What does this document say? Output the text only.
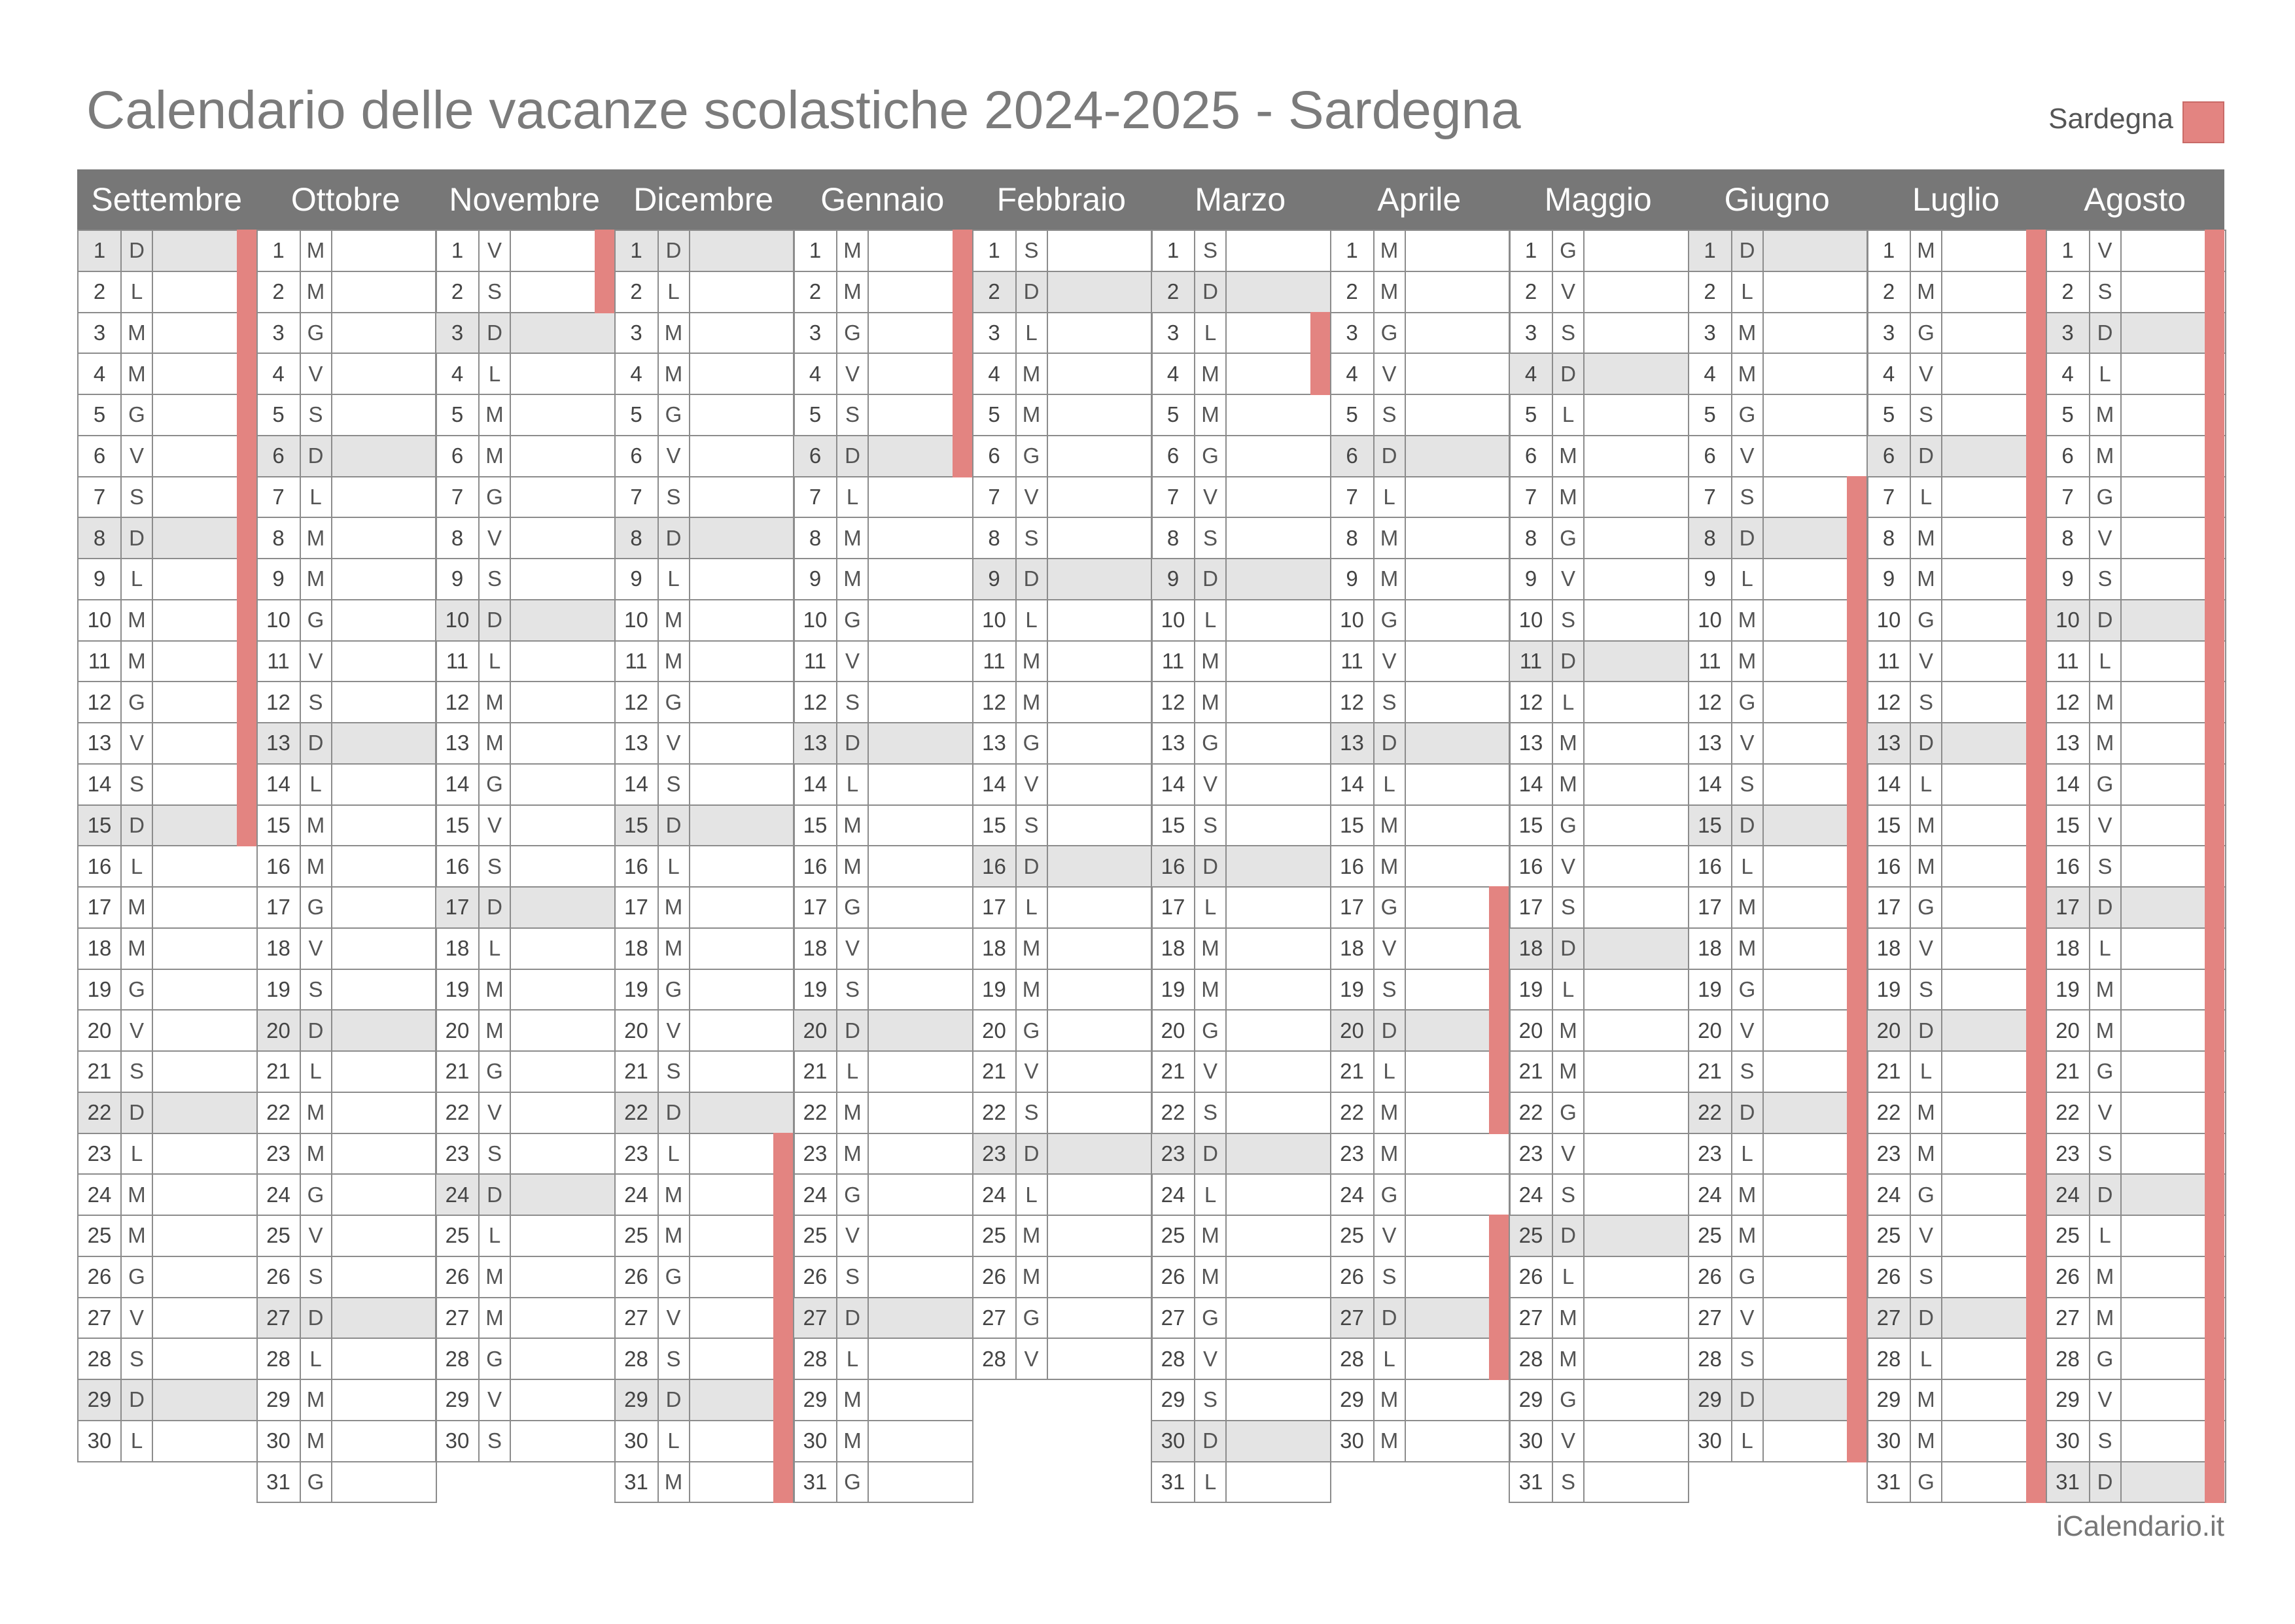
Calendario delle vacanze scolastiche 2024-2025 - Sardegna	Sardegna
Settembre
1	D
2	L
3	M
4	M
5	G
6	V
7	S
8	D
9	L
10 M
11 M
12 G
13 V
14 S
15 D
16 L
17 M
18 M
19 G
20 V
21 S
22 D
23 L
24 M
25 M
26 G
27 V
28 S
29 D
30 L
Ottobre
1	M
2	M
3	G
4	V
5	S
6	D
7	L
8	M
9	M
10 G
11 V
12 S
13 D
14 L
15 M
16 M
17 G
18 V
19 S
20 D
21 L
22 M
23 M
24 G
25 V
26 S
27 D
28 L
29 M
30 M
31 G
Novembre
1	V
2	S
3	D
4	L
5	M
6	M
7	G
8	V
9	S
10 D
11 L
12 M
13 M
14 G
15 V
16 S
17 D
18 L
19 M
20 M
21 G
22 V
23 S
24 D
25 L
26 M
27 M
28 G
29 V
30 S
Dicembre
1	D
2	L
3	M
4	M
5	G
6	V
7	S
8	D
9	L
10 M
11 M
12 G
13 V
14 S
15 D
16 L
17 M
18 M
19 G
20 V
21 S
22 D
23 L
24 M
25 M
26 G
27 V
28 S
29 D
30 L
31 M
Gennaio
1	M
2	M
3	G
4	V
5	S
6	D
7	L
8	M
9	M
10 G
11 V
12 S
13 D
14 L
15 M
16 M
17 G
18 V
19 S
20 D
21 L
22 M
23 M
24 G
25 V
26 S
27 D
28 L
29 M
30 M
31 G
Febbraio
1	S
2	D
3	L
4	M
5	M
6	G
7	V
8	S
9	D
10 L
11 M
12 M
13 G
14 V
15 S
16 D
17 L
18 M
19 M
20 G
21 V
22 S
23 D
24 L
25 M
26 M
27 G
28 V
Marzo
1	S
2	D
3	L
4	M
5	M
6	G
7	V
8	S
9	D
10 L
11 M
12 M
13 G
14 V
15 S
16 D
17 L
18 M
19 M
20 G
21 V
22 S
23 D
24 L
25 M
26 M
27 G
28 V
29 S
30 D
31 L
Aprile
1	M
2	M
3	G
4	V
5	S
6	D
7	L
8	M
9	M
10 G
11 V
12 S
13 D
14 L
15 M
16 M
17 G
18 V
19 S
20 D
21 L
22 M
23 M
24 G
25 V
26 S
27 D
28 L
29 M
30 M
Maggio
1	G
2	V
3	S
4	D
5	L
6	M
7	M
8	G
9	V
10 S
11 D
12 L
13 M
14 M
15 G
16 V
17 S
18 D
19 L
20 M
21 M
22 G
23 V
24 S
25 D
26 L
27 M
28 M
29 G
30 V
31 S
Giugno
1	D
2	L
3	M
4	M
5	G
6	V
7	S
8	D
9	L
10 M
11 M
12 G
13 V
14 S
15 D
16 L
17 M
18 M
19 G
20 V
21 S
22 D
23 L
24 M
25 M
26 G
27 V
28 S
29 D
30 L
Luglio
1	M
2	M
3	G
4	V
5	S
6	D
7	L
8	M
9	M
10 G
11 V
12 S
13 D
14 L
15 M
16 M
17 G
18 V
19 S
20 D
21 L
22 M
23 M
24 G
25 V
26 S
27 D
28 L
29 M
30 M
31 G
Agosto
1	V
2	S
3	D
4	L
5	M
6	M
7	G
8	V
9	S
10 D
11 L
12 M
13 M
14 G
15 V
16 S
17 D
18 L
19 M
20 M
21 G
22 V
23 S
24 D
25 L
26 M
27 M
28 G
29 V
30 S
31 D
iCalendario.it
